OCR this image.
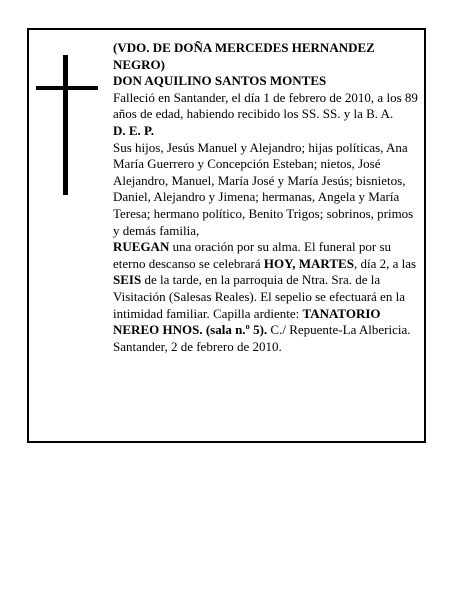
(VDO. DE DOÑA MERCEDES HERNANDEZ NEGRO)

DON AQUILINO SANTOS MONTES

Falleció en Santander, el día 1 de febrero de 2010, a los 89 años de edad, habiendo recibido los SS. SS. y la B. A.

D. E. P.

Sus hijos, Jesús Manuel y Alejandro; hijas políticas, Ana María Guerrero y Concepción Esteban; nietos, José Alejandro, Manuel, María José y María Jesús; bisnietos, Daniel, Alejandro y Jimena; hermanas, Angela y María Teresa; hermano político, Benito Trigos; sobrinos, primos y demás familia,

RUEGAN una oración por su alma. El funeral por su eterno descanso se celebrará HOY, MARTES, día 2, a las SEIS de la tarde, en la parroquia de Ntra. Sra. de la Visitación (Salesas Reales). El sepelio se efectuará en la intimidad familiar. Capilla ardiente: TANATORIO NEREO HNOS. (sala n.º 5). C./ Repuente-La Albericia.

Santander, 2 de febrero de 2010.
